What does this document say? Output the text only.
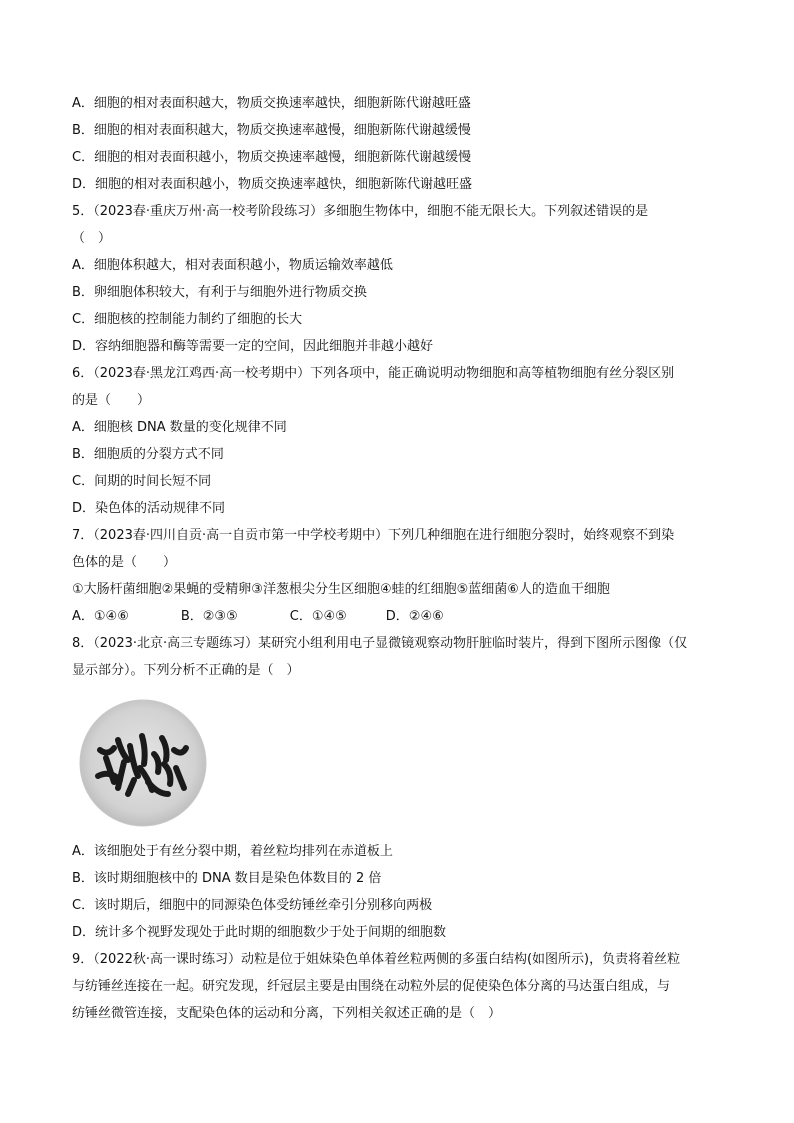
A．细胞的相对表面积越大，物质交换速率越快，细胞新陈代谢越旺盛
B．细胞的相对表面积越大，物质交换速率越慢，细胞新陈代谢越缓慢
C．细胞的相对表面积越小，物质交换速率越慢，细胞新陈代谢越缓慢
D．细胞的相对表面积越小，物质交换速率越快，细胞新陈代谢越旺盛
5．（2023春·重庆万州·高一校考阶段练习）多细胞生物体中，细胞不能无限长大。下列叙述错误的是
（　）
A．细胞体积越大，相对表面积越小，物质运输效率越低
B．卵细胞体积较大，有利于与细胞外进行物质交换
C．细胞核的控制能力制约了细胞的长大
D．容纳细胞器和酶等需要一定的空间，因此细胞并非越小越好
6．（2023春·黑龙江鸡西·高一校考期中）下列各项中，能正确说明动物细胞和高等植物细胞有丝分裂区别
的是（　　）
A．细胞核 DNA 数量的变化规律不同
B．细胞质的分裂方式不同
C．间期的时间长短不同
D．染色体的活动规律不同
7．（2023春·四川自贡·高一自贡市第一中学校考期中）下列几种细胞在进行细胞分裂时，始终观察不到染
色体的是（　　）
①大肠杆菌细胞②果蝇的受精卵③洋葱根尖分生区细胞④蛙的红细胞⑤蓝细菌⑥人的造血干细胞
A．①④⑥　　　　B．②③⑤　　　　C．①④⑤　　　D．②④⑥
8．（2023·北京·高三专题练习）某研究小组利用电子显微镜观察动物肝脏临时装片，得到下图所示图像（仅
显示部分）。下列分析不正确的是（　）
A．该细胞处于有丝分裂中期，着丝粒均排列在赤道板上
B．该时期细胞核中的 DNA 数目是染色体数目的 2 倍
C．该时期后，细胞中的同源染色体受纺锤丝牵引分别移向两极
D．统计多个视野发现处于此时期的细胞数少于处于间期的细胞数
9．（2022秋·高一课时练习）动粒是位于姐妹染色单体着丝粒两侧的多蛋白结构(如图所示)，负责将着丝粒
与纺锤丝连接在一起。研究发现，纤冠层主要是由围绕在动粒外层的促使染色体分离的马达蛋白组成，与
纺锤丝微管连接，支配染色体的运动和分离，下列相关叙述正确的是（　）
